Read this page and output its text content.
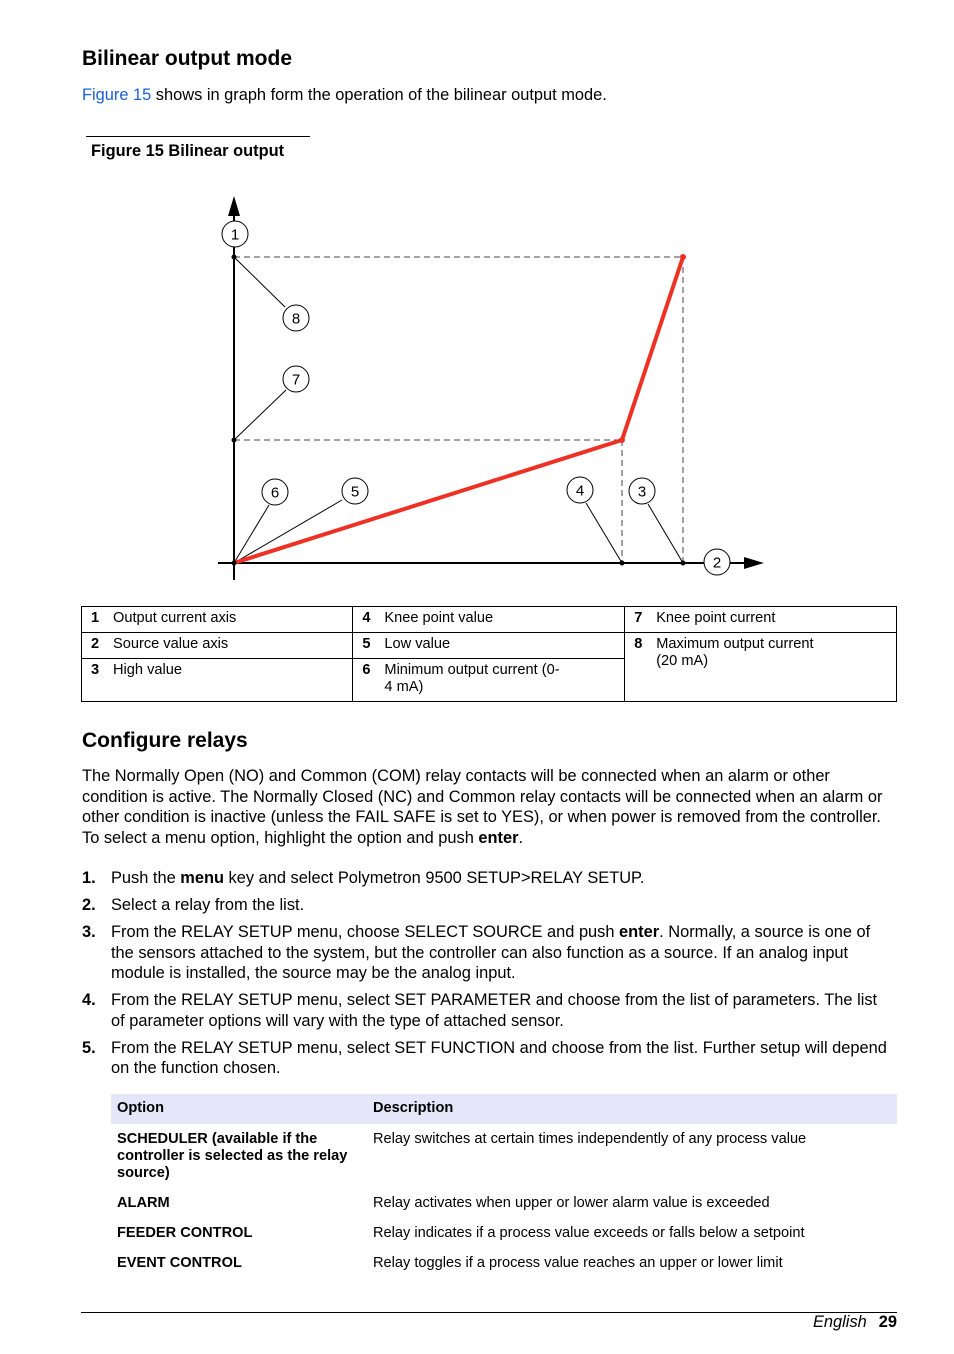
Bilinear output mode

Figure 15 shows in graph form the operation of the bilinear output mode.

Figure 15 Bilinear output
1
2
3
4
5
6
7
8
1 Output current axis	4 Knee point value	7 Knee point current
2 Source value axis	5 Low value	8 Maximum output current (20 mA)
3 High value	6 Minimum output current (0-4 mA)	
Configure relays

The Normally Open (NO) and Common (COM) relay contacts will be connected when an alarm or other condition is active. The Normally Closed (NC) and Common relay contacts will be connected when an alarm or other condition is inactive (unless the FAIL SAFE is set to YES), or when power is removed from the controller. To select a menu option, highlight the option and push enter.

1. Push the menu key and select Polymetron 9500 SETUP>RELAY SETUP.
2. Select a relay from the list.
3. From the RELAY SETUP menu, choose SELECT SOURCE and push enter. Normally, a source is one of the sensors attached to the system, but the controller can also function as a source. If an analog input module is installed, the source may be the analog input.
4. From the RELAY SETUP menu, select SET PARAMETER and choose from the list of parameters. The list of parameter options will vary with the type of attached sensor.
5. From the RELAY SETUP menu, select SET FUNCTION and choose from the list. Further setup will depend on the function chosen.
Option	Description
SCHEDULER (available if the controller is selected as the relay source)	Relay switches at certain times independently of any process value
ALARM	Relay activates when upper or lower alarm value is exceeded
FEEDER CONTROL	Relay indicates if a process value exceeds or falls below a setpoint
EVENT CONTROL	Relay toggles if a process value reaches an upper or lower limit
English 29
